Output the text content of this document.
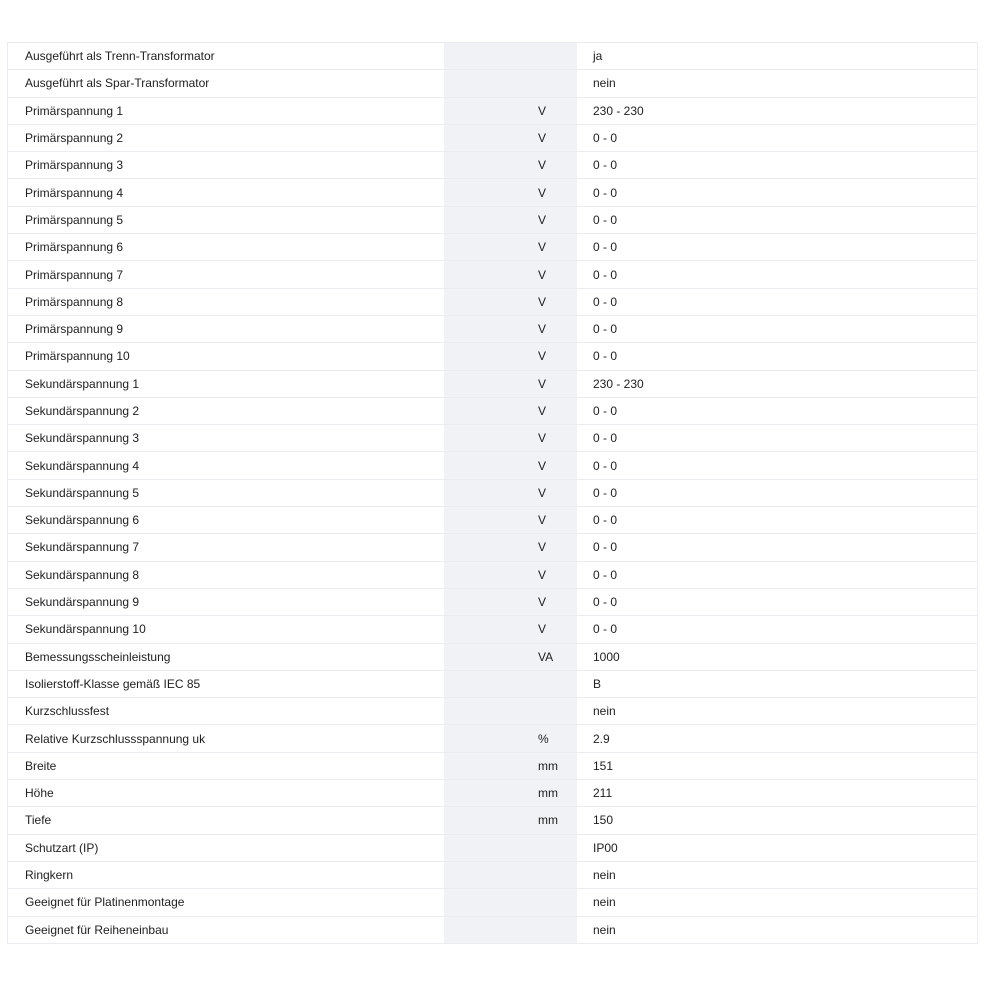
Ausgeführt als Trenn-Transformator			ja
Ausgeführt als Spar-Transformator			nein
Primärspannung 1		V	230 - 230
Primärspannung 2		V	0 - 0
Primärspannung 3		V	0 - 0
Primärspannung 4		V	0 - 0
Primärspannung 5		V	0 - 0
Primärspannung 6		V	0 - 0
Primärspannung 7		V	0 - 0
Primärspannung 8		V	0 - 0
Primärspannung 9		V	0 - 0
Primärspannung 10		V	0 - 0
Sekundärspannung 1		V	230 - 230
Sekundärspannung 2		V	0 - 0
Sekundärspannung 3		V	0 - 0
Sekundärspannung 4		V	0 - 0
Sekundärspannung 5		V	0 - 0
Sekundärspannung 6		V	0 - 0
Sekundärspannung 7		V	0 - 0
Sekundärspannung 8		V	0 - 0
Sekundärspannung 9		V	0 - 0
Sekundärspannung 10		V	0 - 0
Bemessungsscheinleistung		VA	1000
Isolierstoff-Klasse gemäß IEC 85			B
Kurzschlussfest			nein
Relative Kurzschlussspannung uk		%	2.9
Breite		mm	151
Höhe		mm	211
Tiefe		mm	150
Schutzart (IP)			IP00
Ringkern			nein
Geeignet für Platinenmontage			nein
Geeignet für Reiheneinbau			nein
